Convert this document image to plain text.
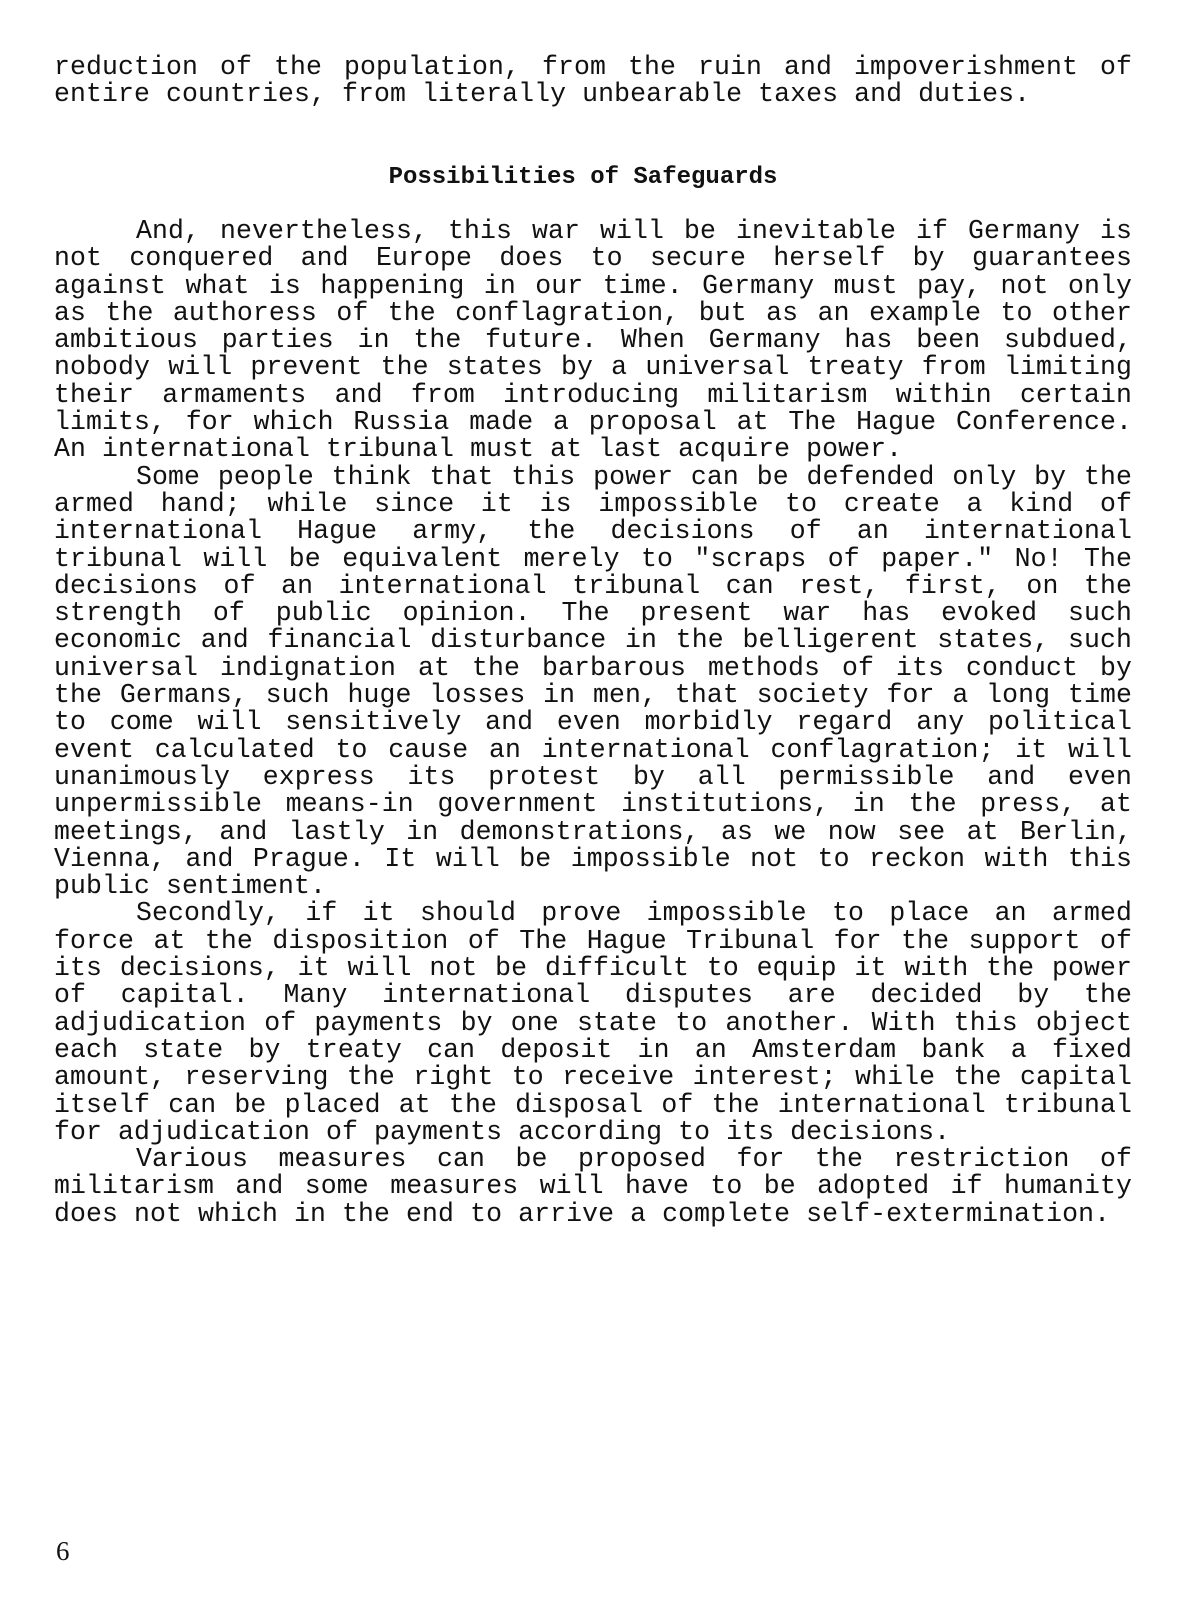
reduction of the population, from the ruin and impoverishment of entire countries, from literally unbearable taxes and duties.

Possibilities of Safeguards

And, nevertheless, this war will be inevitable if Germany is not conquered and Europe does to secure herself by guarantees against what is happening in our time. Germany must pay, not only as the authoress of the conflagration, but as an example to other ambitious parties in the future. When Germany has been subdued, nobody will prevent the states by a universal treaty from limiting their armaments and from introducing militarism within certain limits, for which Russia made a proposal at The Hague Conference. An international tribunal must at last acquire power.

Some people think that this power can be defended only by the armed hand; while since it is impossible to create a kind of international Hague army, the decisions of an international tribunal will be equivalent merely to "scraps of paper." No! The decisions of an international tribunal can rest, first, on the strength of public opinion. The present war has evoked such economic and financial disturbance in the belligerent states, such universal indignation at the barbarous methods of its conduct by the Germans, such huge losses in men, that society for a long time to come will sensitively and even morbidly regard any political event calculated to cause an international conflagration; it will unanimously express its protest by all permissible and even unpermissible means-in government institutions, in the press, at meetings, and lastly in demonstrations, as we now see at Berlin, Vienna, and Prague. It will be impossible not to reckon with this public sentiment.

Secondly, if it should prove impossible to place an armed force at the disposition of The Hague Tribunal for the support of its decisions, it will not be difficult to equip it with the power of capital. Many international disputes are decided by the adjudication of payments by one state to another. With this object each state by treaty can deposit in an Amsterdam bank a fixed amount, reserving the right to receive interest; while the capital itself can be placed at the disposal of the international tribunal for adjudication of payments according to its decisions.

Various measures can be proposed for the restriction of militarism and some measures will have to be adopted if humanity does not which in the end to arrive a complete self-extermination.

6
